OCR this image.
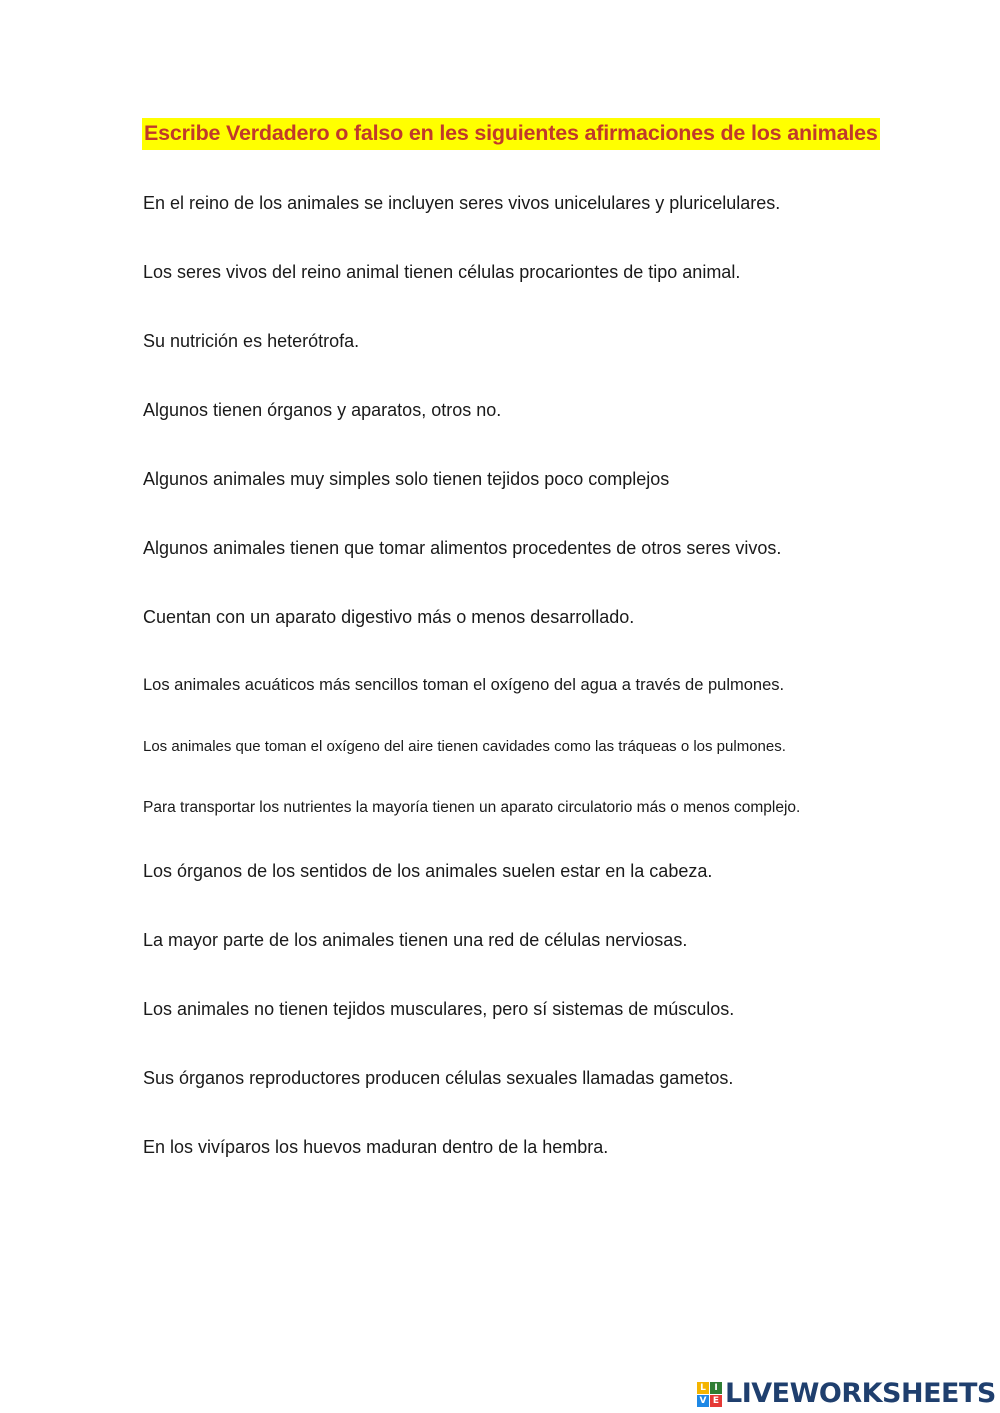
Escribe Verdadero o falso en les siguientes afirmaciones de los animales

En el reino de los animales se incluyen seres vivos unicelulares y pluricelulares.

Los seres vivos del reino animal tienen células procariontes de tipo animal.

Su nutrición es heterótrofa.

Algunos tienen órganos y aparatos, otros no.

Algunos animales muy simples solo tienen tejidos poco complejos

Algunos animales tienen que tomar alimentos procedentes de otros seres vivos.

Cuentan con un aparato digestivo más o menos desarrollado.

Los animales acuáticos más sencillos toman el oxígeno del agua a través de pulmones.

Los animales que toman el oxígeno del aire tienen cavidades como las tráqueas o los pulmones.

Para transportar los nutrientes la mayoría tienen un aparato circulatorio más o menos complejo.

Los órganos de los sentidos de los animales suelen estar en la cabeza.

La mayor parte de los animales tienen una red de células nerviosas.

Los animales no tienen tejidos musculares, pero sí sistemas de músculos.

Sus órganos reproductores producen células sexuales llamadas gametos.

En los vivíparos los huevos maduran dentro de la hembra.

L I
V E LIVEWORKSHEETS
